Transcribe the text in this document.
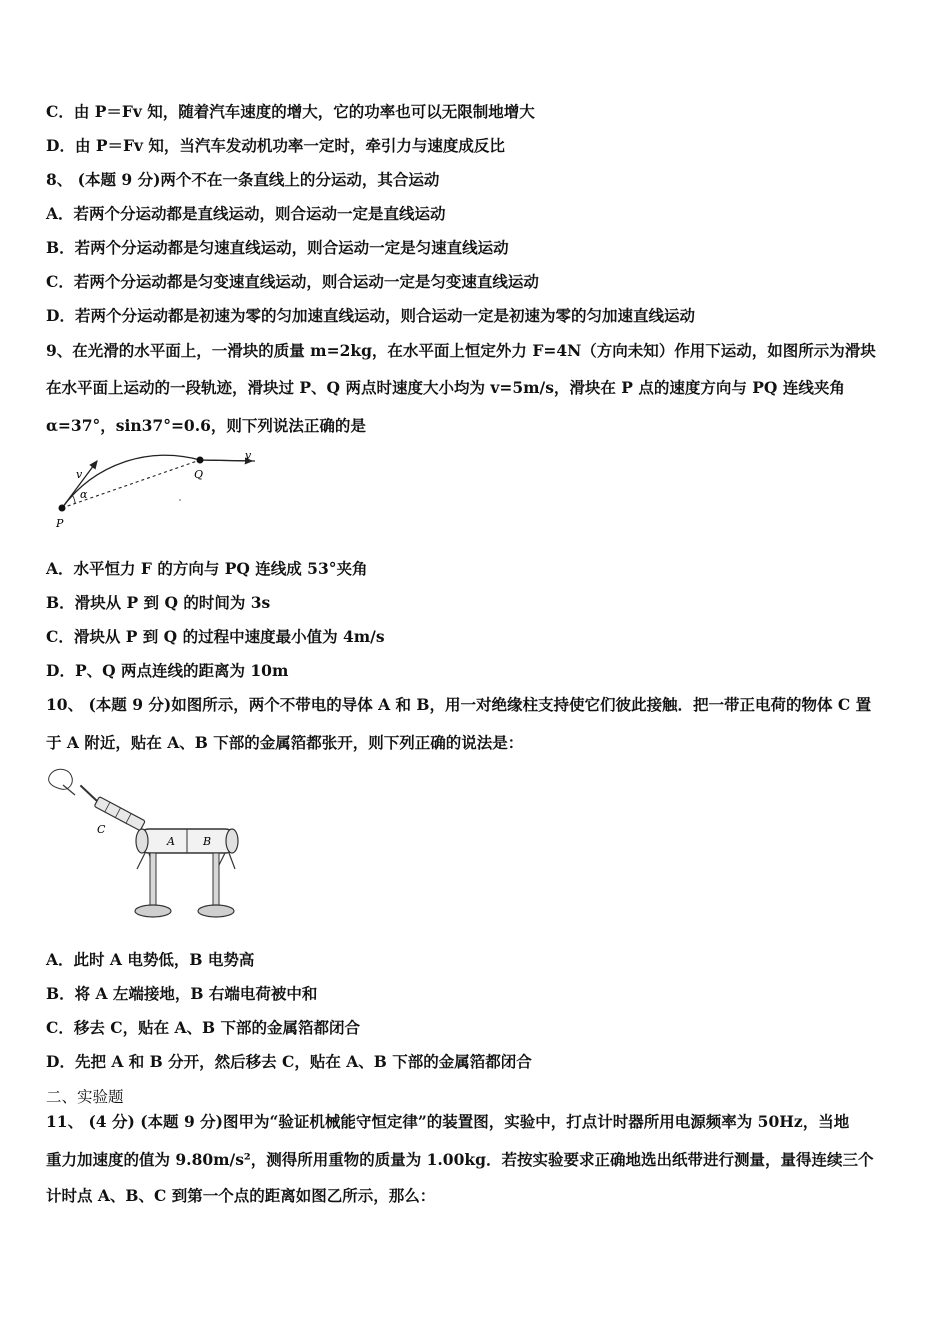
C．由 P＝Fv 知，随着汽车速度的增大，它的功率也可以无限制地增大
D．由 P＝Fv 知，当汽车发动机功率一定时，牵引力与速度成反比
8、 (本题 9 分)两个不在一条直线上的分运动，其合运动
A．若两个分运动都是直线运动，则合运动一定是直线运动
B．若两个分运动都是匀速直线运动，则合运动一定是匀速直线运动
C．若两个分运动都是匀变速直线运动，则合运动一定是匀变速直线运动
D．若两个分运动都是初速为零的匀加速直线运动，则合运动一定是初速为零的匀加速直线运动
9、在光滑的水平面上，一滑块的质量 m=2kg，在水平面上恒定外力 F=4N（方向未知）作用下运动，如图所示为滑块
在水平面上运动的一段轨迹，滑块过 P、Q 两点时速度大小均为 v=5m/s，滑块在 P 点的速度方向与 PQ 连线夹角
α=37°，sin37°=0.6，则下列说法正确的是
v
α
P
Q
v
A．水平恒力 F 的方向与 PQ 连线成 53°夹角
B．滑块从 P 到 Q 的时间为 3s
C．滑块从 P 到 Q 的过程中速度最小值为 4m/s
D．P、Q 两点连线的距离为 10m
10、 (本题 9 分)如图所示，两个不带电的导体 A 和 B，用一对绝缘柱支持使它们彼此接触．把一带正电荷的物体 C 置
于 A 附近，贴在 A、B 下部的金属箔都张开，则下列正确的说法是：
C
A	B
A．此时 A 电势低，B 电势高
B．将 A 左端接地，B 右端电荷被中和
C．移去 C，贴在 A、B 下部的金属箔都闭合
D．先把 A 和 B 分开，然后移去 C，贴在 A、B 下部的金属箔都闭合
二、实验题
11、 (4 分) (本题 9 分)图甲为“验证机械能守恒定律”的装置图，实验中，打点计时器所用电源频率为 50Hz，当地
重力加速度的值为 9.80m/s²，测得所用重物的质量为 1.00kg．若按实验要求正确地选出纸带进行测量，量得连续三个
计时点 A、B、C 到第一个点的距离如图乙所示，那么：
